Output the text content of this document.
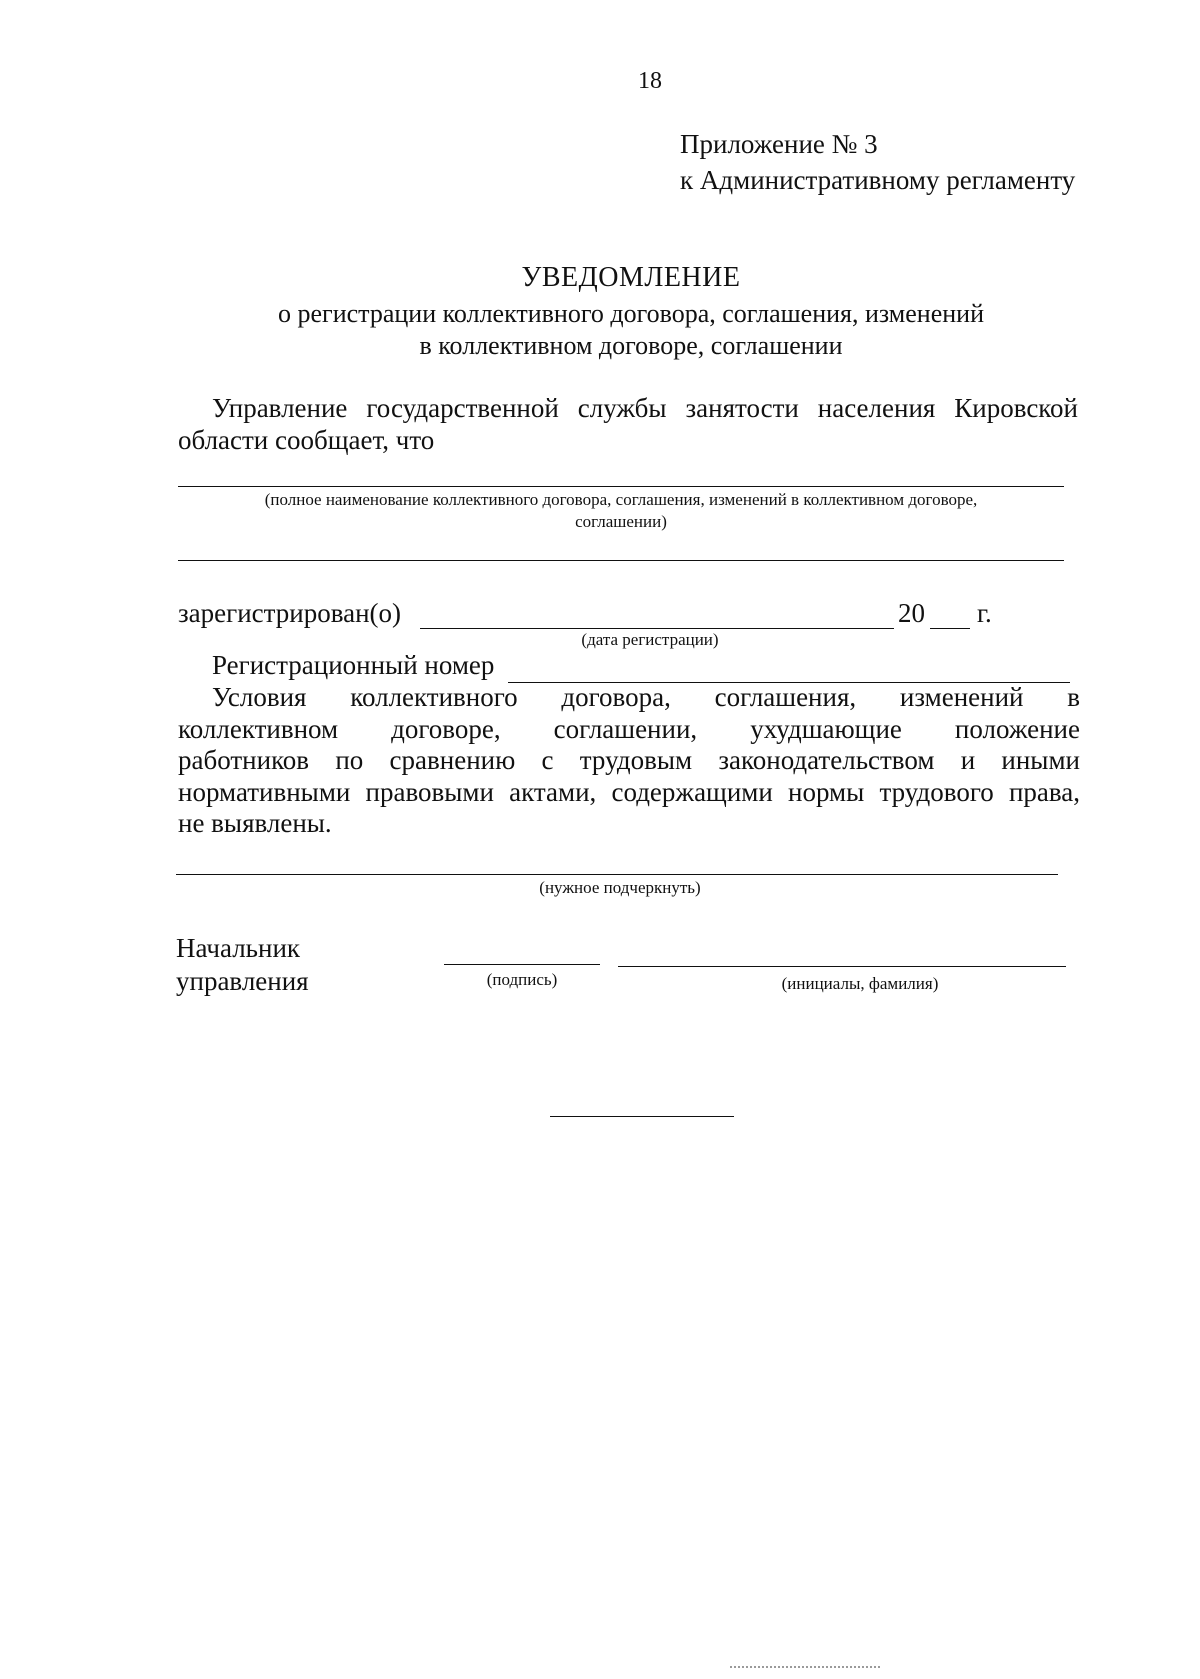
18
Приложение № 3
к Административному регламенту
УВЕДОМЛЕНИЕ
о регистрации коллективного договора, соглашения, изменений
в коллективном договоре, соглашении
Управление государственной службы занятости населения Кировской
области сообщает, что
(полное наименование коллективного договора, соглашения, изменений в коллективном договоре,
соглашении)
зарегистрирован(о)	20 г.
(дата регистрации)
Регистрационный номер
Условия коллективного договора, соглашения, изменений в
коллективном договоре, соглашении, ухудшающие положение
работников по сравнению с трудовым законодательством и иными
нормативными правовыми актами, содержащими нормы трудового права,
не выявлены.
(нужное подчеркнуть)
Начальник
управления	(подпись)	(инициалы, фамилия)
